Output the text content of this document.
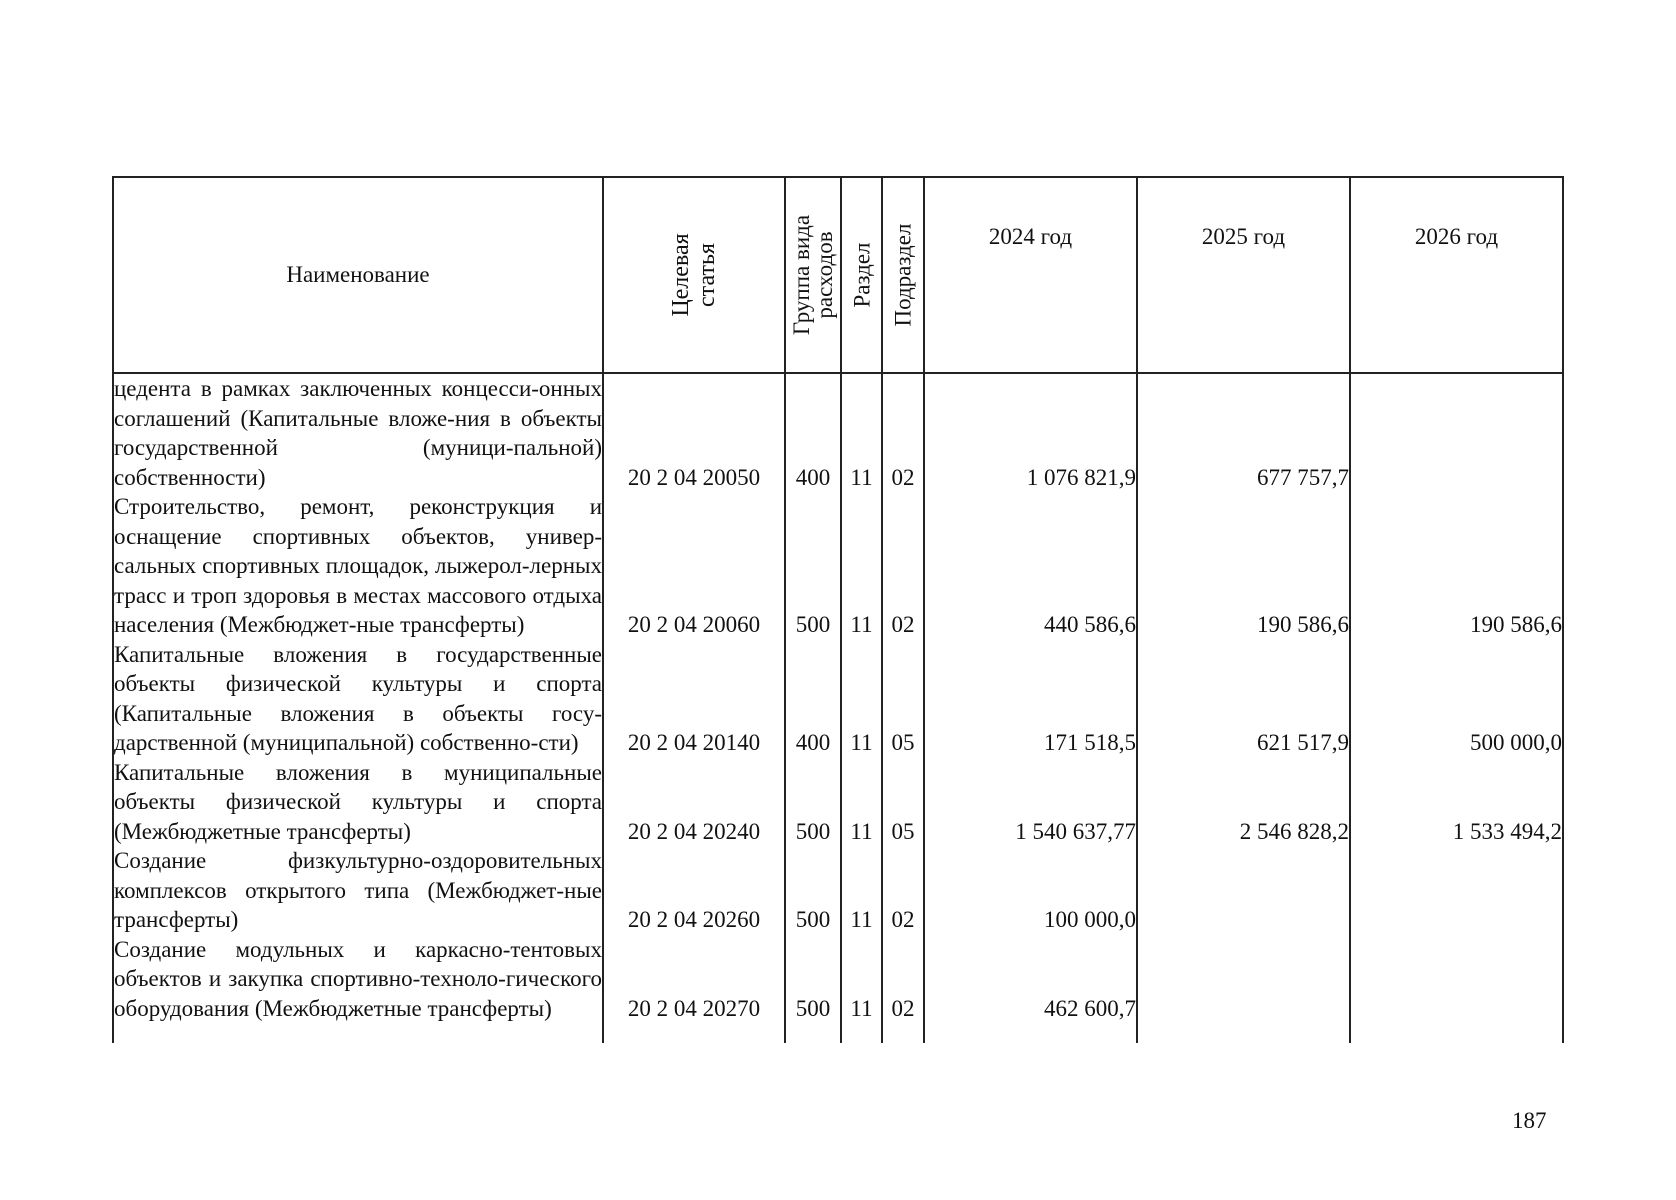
Наименование	Целевая статья	Группа вида расходов	Раздел	Подраздел	2024 год	2025 год	2026 год

цедента в рамках заключенных концесси-онных соглашений (Капитальные вложе-ния в объекты государственной (муници-пальной) собственности)	20 2 04 20050	400	11	02	1 076 821,9	677 757,7	

Строительство, ремонт, реконструкция и оснащение спортивных объектов, универ-сальных спортивных площадок, лыжерол-лерных трасс и троп здоровья в местах массового отдыха населения (Межбюджет-ные трансферты)	20 2 04 20060	500	11	02	440 586,6	190 586,6	190 586,6

Капитальные вложения в государственные объекты физической культуры и спорта (Капитальные вложения в объекты госу-дарственной (муниципальной) собственно-сти)	20 2 04 20140	400	11	05	171 518,5	621 517,9	500 000,0

Капитальные вложения в муниципальные объекты физической культуры и спорта (Межбюджетные трансферты)	20 2 04 20240	500	11	05	1 540 637,77	2 546 828,2	1 533 494,2

Создание физкультурно-оздоровительных комплексов открытого типа (Межбюджет-ные трансферты)	20 2 04 20260	500	11	02	100 000,0		

Создание модульных и каркасно-тентовых объектов и закупка спортивно-техноло-гического оборудования (Межбюджетные трансферты)	20 2 04 20270	500	11	02	462 600,7		

187
